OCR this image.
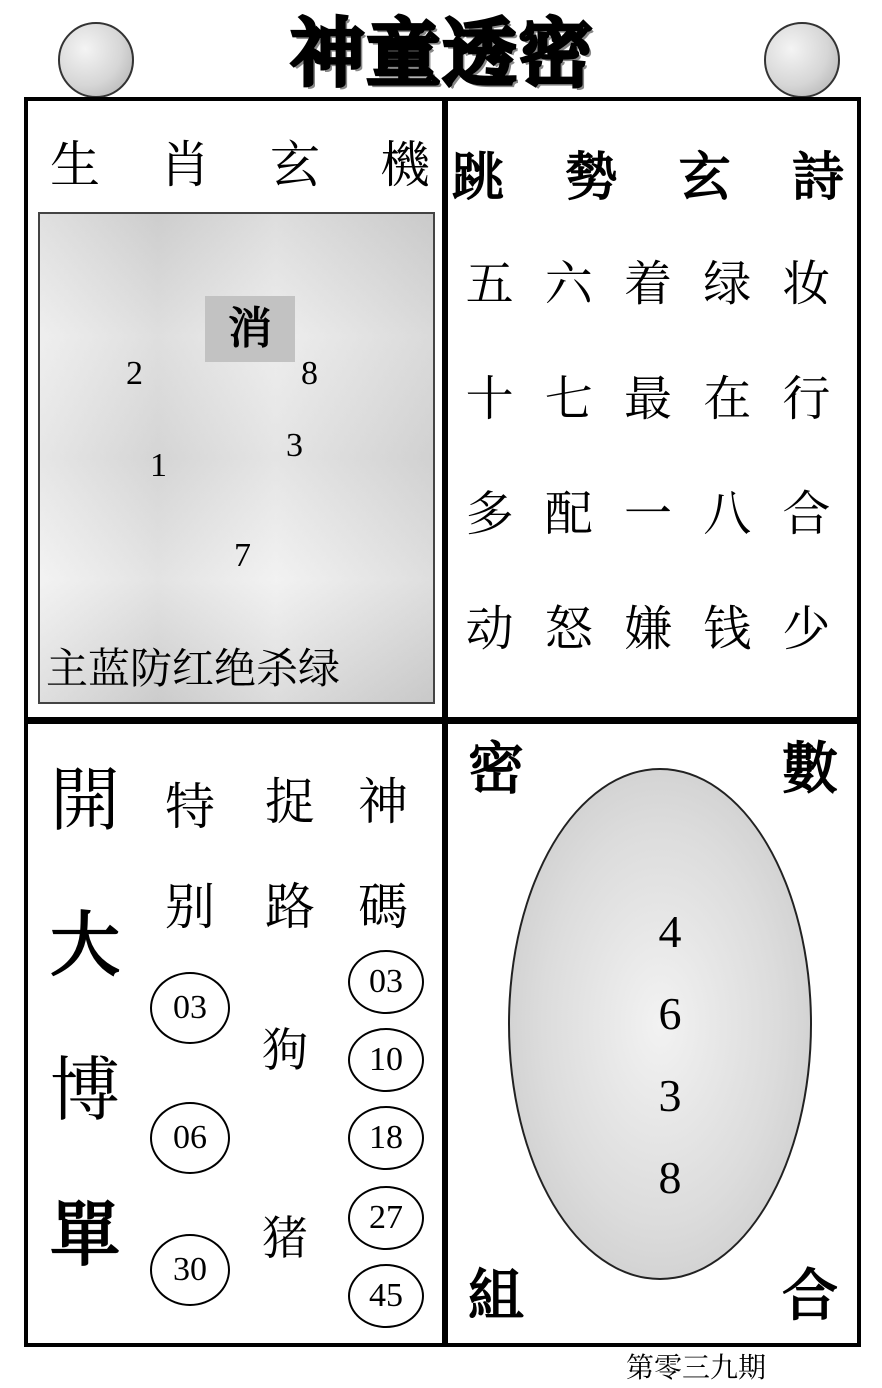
神童透密
生 肖 玄 機
消
2	8
1
3
7
主蓝防红绝杀绿
跳 勢 玄 詩
五 六 着 绿 妆
十 七 最 在 行
多 配 一 八 合
动 怒 嫌 钱 少
開
大
博
單
特
别
03
06
30
捉
路
狗
猪
神
碼
03
10
18
27
45
密	數
組	合
4
6
3
8
第零三九期
